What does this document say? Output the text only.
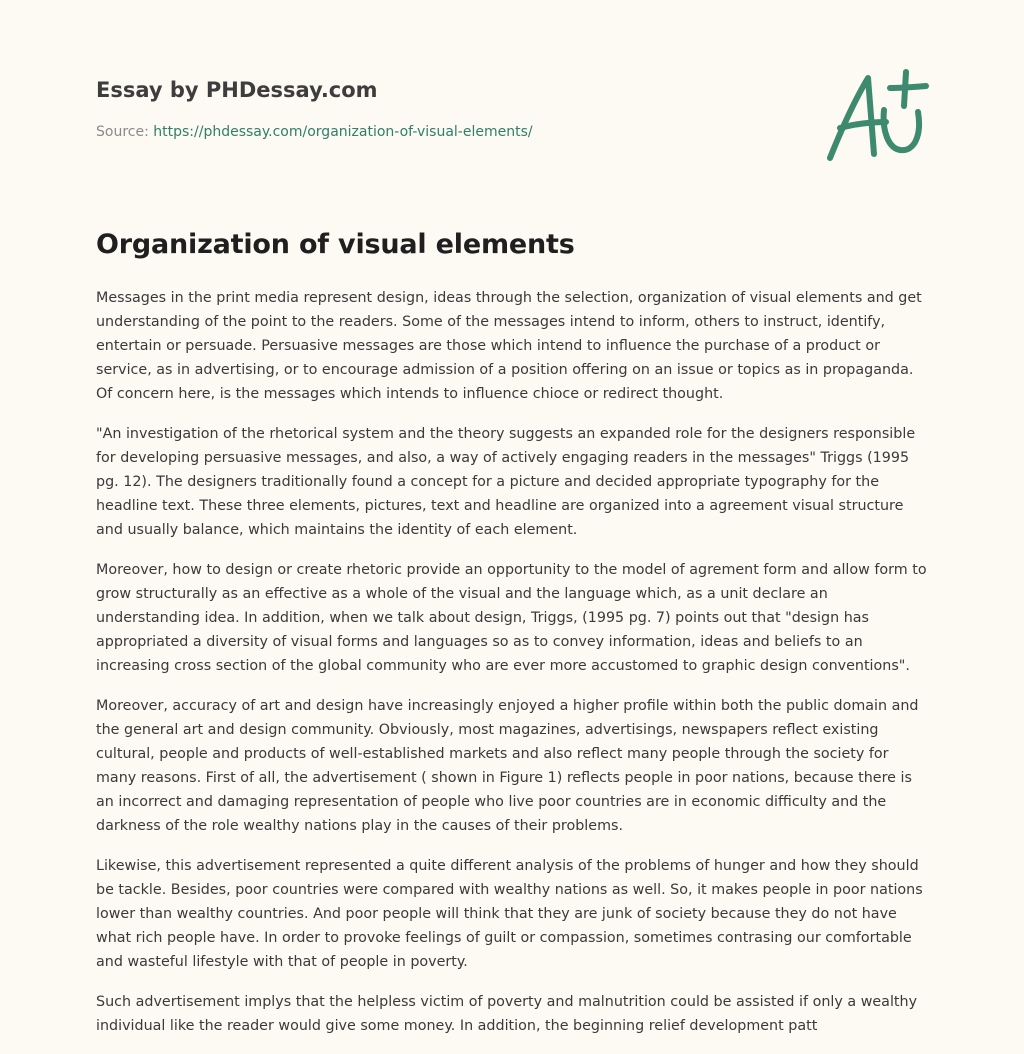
Essay by PHDessay.com
Source: https://phdessay.com/organization-of-visual-elements/
Organization of visual elements

Messages in the print media represent design, ideas through the selection, organization of visual elements and get understanding of the point to the readers. Some of the messages intend to inform, others to instruct, identify, entertain or persuade. Persuasive messages are those which intend to influence the purchase of a product or service, as in advertising, or to encourage admission of a position offering on an issue or topics as in propaganda. Of concern here, is the messages which intends to influence chioce or redirect thought.

"An investigation of the rhetorical system and the theory suggests an expanded role for the designers responsible for developing persuasive messages, and also, a way of actively engaging readers in the messages" Triggs (1995 pg. 12). The designers traditionally found a concept for a picture and decided appropriate typography for the headline text. These three elements, pictures, text and headline are organized into a agreement visual structure and usually balance, which maintains the identity of each element.

Moreover, how to design or create rhetoric provide an opportunity to the model of agrement form and allow form to grow structurally as an effective as a whole of the visual and the language which, as a unit declare an understanding idea. In addition, when we talk about design, Triggs, (1995 pg. 7) points out that "design has appropriated a diversity of visual forms and languages so as to convey information, ideas and beliefs to an increasing cross section of the global community who are ever more accustomed to graphic design conventions".

Moreover, accuracy of art and design have increasingly enjoyed a higher profile within both the public domain and the general art and design community. Obviously, most magazines, advertisings, newspapers reflect existing cultural, people and products of well-established markets and also reflect many people through the society for many reasons. First of all, the advertisement ( shown in Figure 1) reflects people in poor nations, because there is an incorrect and damaging representation of people who live poor countries are in economic difficulty and the darkness of the role wealthy nations play in the causes of their problems.

Likewise, this advertisement represented a quite different analysis of the problems of hunger and how they should be tackle. Besides, poor countries were compared with wealthy nations as well. So, it makes people in poor nations lower than wealthy countries. And poor people will think that they are junk of society because they do not have what rich people have. In order to provoke feelings of guilt or compassion, sometimes contrasing our comfortable and wasteful lifestyle with that of people in poverty.

Such advertisement implys that the helpless victim of poverty and malnutrition could be assisted if only a wealthy individual like the reader would give some money. In addition, the beginning relief development patt
